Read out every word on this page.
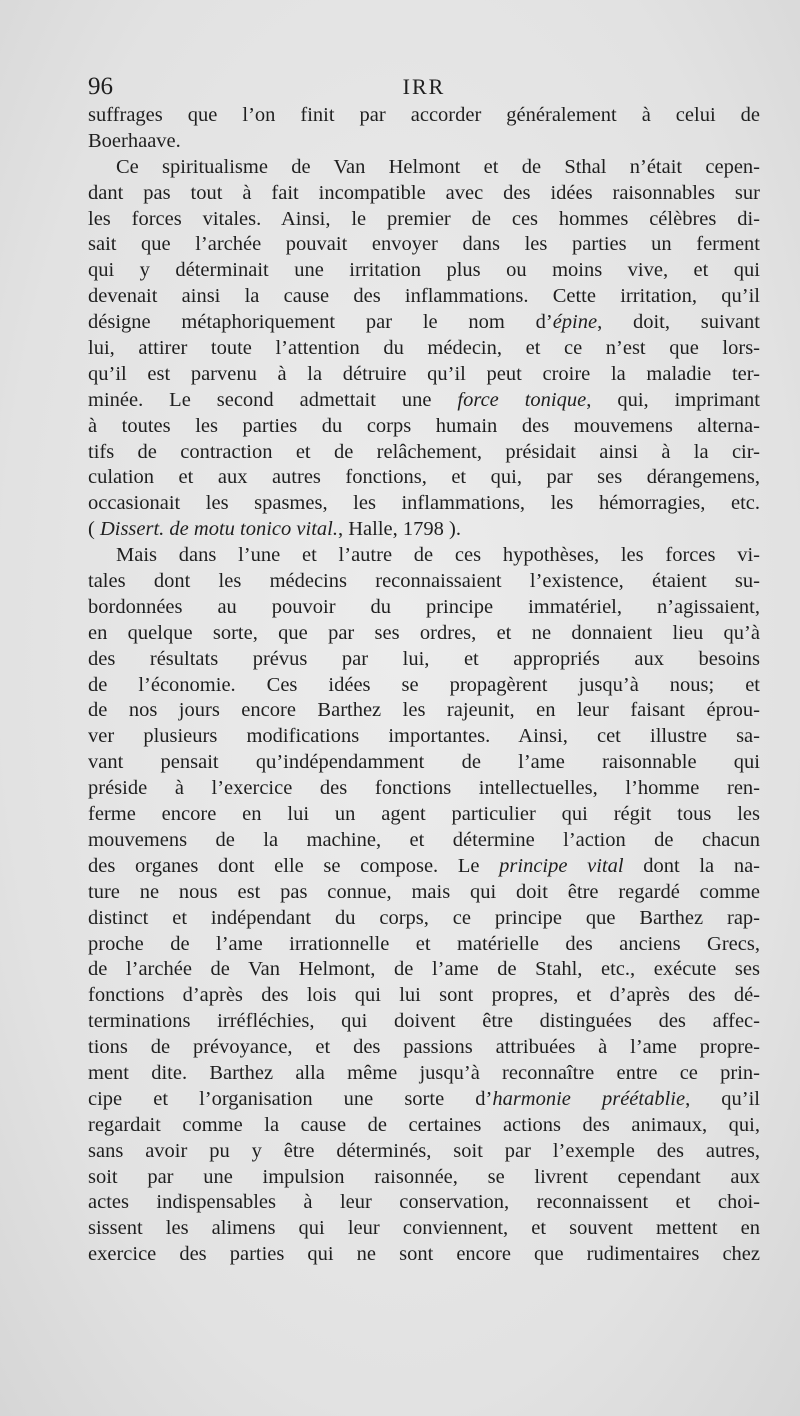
96	IRR
suffrages que l’on finit par accorder généralement à celui de
Boerhaave.
Ce spiritualisme de Van Helmont et de Sthal n’était cepen-
dant pas tout à fait incompatible avec des idées raisonnables sur
les forces vitales. Ainsi, le premier de ces hommes célèbres di-
sait que l’archée pouvait envoyer dans les parties un ferment
qui y déterminait une irritation plus ou moins vive, et qui
devenait ainsi la cause des inflammations. Cette irritation, qu’il
désigne métaphoriquement par le nom d’épine, doit, suivant
lui, attirer toute l’attention du médecin, et ce n’est que lors-
qu’il est parvenu à la détruire qu’il peut croire la maladie ter-
minée. Le second admettait une force tonique, qui, imprimant
à toutes les parties du corps humain des mouvemens alterna-
tifs de contraction et de relâchement, présidait ainsi à la cir-
culation et aux autres fonctions, et qui, par ses dérangemens,
occasionait les spasmes, les inflammations, les hémorragies, etc.
( Dissert. de motu tonico vital., Halle, 1798 ).
Mais dans l’une et l’autre de ces hypothèses, les forces vi-
tales dont les médecins reconnaissaient l’existence, étaient su-
bordonnées au pouvoir du principe immatériel, n’agissaient,
en quelque sorte, que par ses ordres, et ne donnaient lieu qu’à
des résultats prévus par lui, et appropriés aux besoins
de l’économie. Ces idées se propagèrent jusqu’à nous; et
de nos jours encore Barthez les rajeunit, en leur faisant éprou-
ver plusieurs modifications importantes. Ainsi, cet illustre sa-
vant pensait qu’indépendamment de l’ame raisonnable qui
préside à l’exercice des fonctions intellectuelles, l’homme ren-
ferme encore en lui un agent particulier qui régit tous les
mouvemens de la machine, et détermine l’action de chacun
des organes dont elle se compose. Le principe vital dont la na-
ture ne nous est pas connue, mais qui doit être regardé comme
distinct et indépendant du corps, ce principe que Barthez rap-
proche de l’ame irrationnelle et matérielle des anciens Grecs,
de l’archée de Van Helmont, de l’ame de Stahl, etc., exécute ses
fonctions d’après des lois qui lui sont propres, et d’après des dé-
terminations irréfléchies, qui doivent être distinguées des affec-
tions de prévoyance, et des passions attribuées à l’ame propre-
ment dite. Barthez alla même jusqu’à reconnaître entre ce prin-
cipe et l’organisation une sorte d’harmonie préétablie, qu’il
regardait comme la cause de certaines actions des animaux, qui,
sans avoir pu y être déterminés, soit par l’exemple des autres,
soit par une impulsion raisonnée, se livrent cependant aux
actes indispensables à leur conservation, reconnaissent et choi-
sissent les alimens qui leur conviennent, et souvent mettent en
exercice des parties qui ne sont encore que rudimentaires chez
